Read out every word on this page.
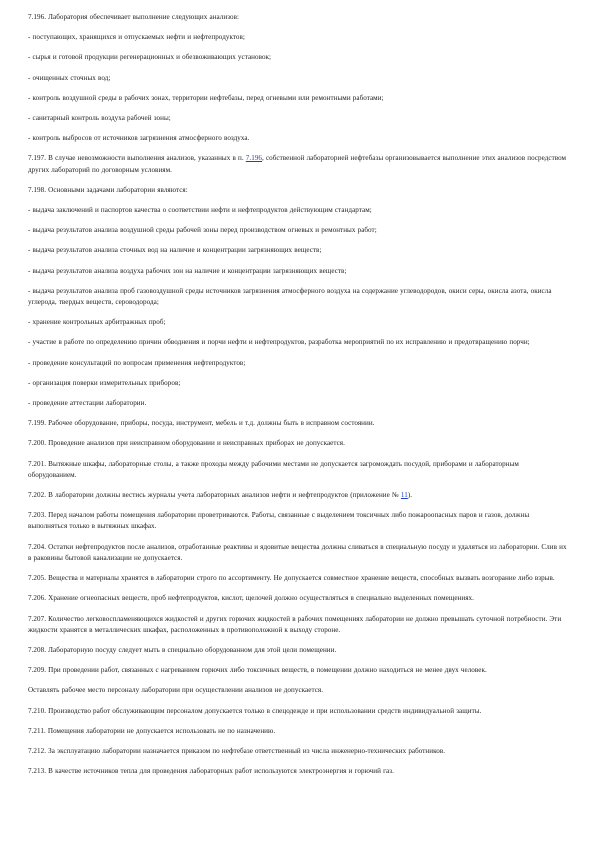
7.196. Лаборатория обеспечивает выполнение следующих анализов:

- поступающих, хранящихся и отпускаемых нефти и нефтепродуктов;

- сырья и готовой продукции регенерационных и обезвоживающих установок;

- очищенных сточных вод;

- контроль воздушной среды в рабочих зонах, территории нефтебазы, перед огневыми или ремонтными работами;

- санитарный контроль воздуха рабочей зоны;

- контроль выбросов от источников загрязнения атмосферного воздуха.

7.197. В случае невозможности выполнения анализов, указанных в п. 7.196, собственной лабораторией нефтебазы организовывается выполнение этих анализов посредством других лабораторий по договорным условиям.

7.198. Основными задачами лаборатории являются:

- выдача заключений и паспортов качества о соответствии нефти и нефтепродуктов действующим стандартам;

- выдача результатов анализа воздушной среды рабочей зоны перед производством огневых и ремонтных работ;

- выдача результатов анализа сточных вод на наличие и концентрации загрязняющих веществ;

- выдача результатов анализа воздуха рабочих зон на наличие и концентрации загрязняющих веществ;

- выдача результатов анализа проб газовоздушной среды источников загрязнения атмосферного воздуха на содержание углеводородов, окиси серы, окисла азота, окисла углерода, твердых веществ, сероводорода;

- хранение контрольных арбитражных проб;

- участие в работе по определению причин обводнения и порчи нефти и нефтепродуктов, разработка мероприятий по их исправлению и предотвращению порчи;

- проведение консультаций по вопросам применения нефтепродуктов;

- организация поверки измерительных приборов;

- проведение аттестации лаборатории.

7.199. Рабочее оборудование, приборы, посуда, инструмент, мебель и т.д. должны быть в исправном состоянии.

7.200. Проведение анализов при неисправном оборудовании и неисправных приборах не допускается.

7.201. Вытяжные шкафы, лабораторные столы, а также проходы между рабочими местами не допускается загромождать посудой, приборами и лабораторным оборудованием.

7.202. В лаборатории должны вестись журналы учета лабораторных анализов нефти и нефтепродуктов (приложение № 11).

7.203. Перед началом работы помещения лаборатории проветриваются. Работы, связанные с выделением токсичных либо пожароопасных паров и газов, должны выполняться только в вытяжных шкафах.

7.204. Остатки нефтепродуктов после анализов, отработанные реактивы и ядовитые вещества должны сливаться в специальную посуду и удаляться из лаборатории. Слив их в раковины бытовой канализации не допускается.

7.205. Вещества и материалы хранятся в лаборатории строго по ассортименту. Не допускается совместное хранение веществ, способных вызвать возгорание либо взрыв.

7.206. Хранение огнеопасных веществ, проб нефтепродуктов, кислот, щелочей должно осуществляться в специально выделенных помещениях.

7.207. Количество легковоспламеняющихся жидкостей и других горючих жидкостей в рабочих помещениях лаборатории не должно превышать суточной потребности. Эти жидкости хранятся в металлических шкафах, расположенных в противоположной к выходу стороне.

7.208. Лабораторную посуду следует мыть в специально оборудованном для этой цели помещении.

7.209. При проведении работ, связанных с нагреванием горючих либо токсичных веществ, в помещении должно находиться не менее двух человек.

Оставлять рабочее место персоналу лаборатории при осуществлении анализов не допускается.

7.210. Производство работ обслуживающим персоналом допускается только в спецодежде и при использовании средств индивидуальной защиты.

7.211. Помещения лаборатории не допускается использовать не по назначению.

7.212. За эксплуатацию лаборатории назначается приказом по нефтебазе ответственный из числа инженерно-технических работников.

7.213. В качестве источников тепла для проведения лабораторных работ используются электроэнергия и горючий газ.
